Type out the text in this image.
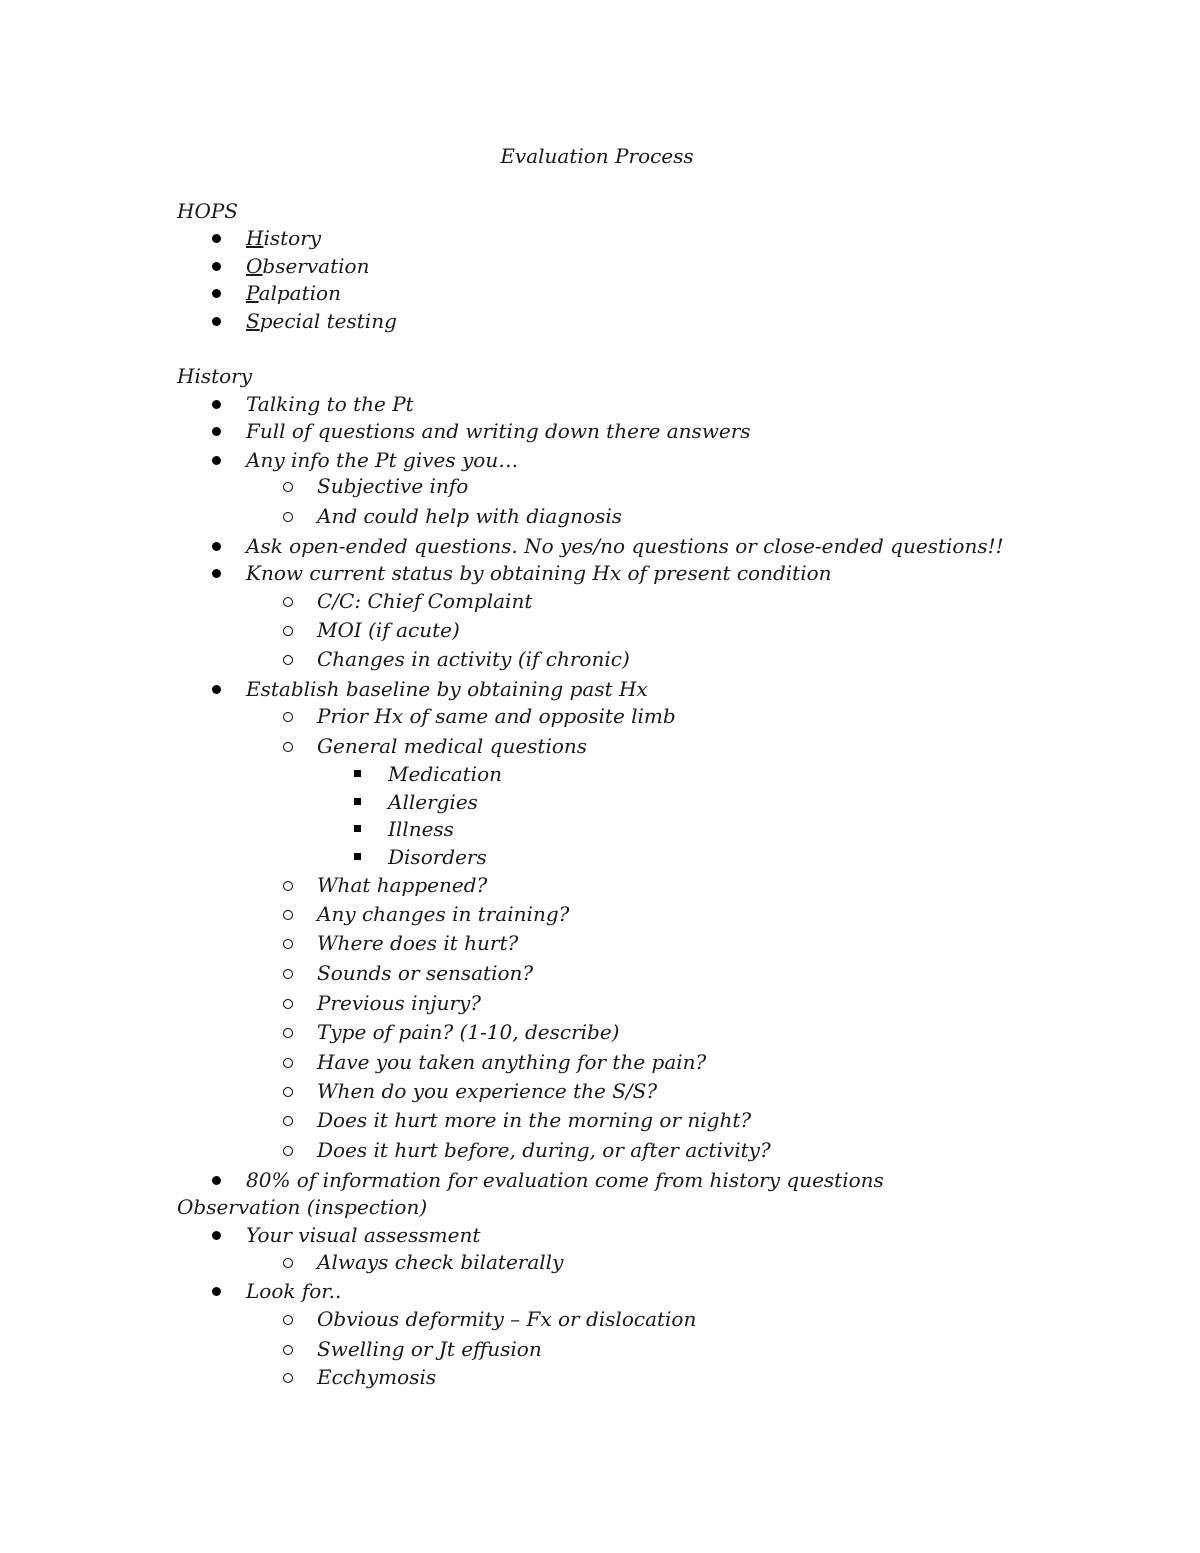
Evaluation Process
HOPS
History
Observation
Palpation
Special testing
History
Talking to the Pt
Full of questions and writing down there answers
Any info the Pt gives you…
Subjective info
And could help with diagnosis
Ask open-ended questions. No yes/no questions or close-ended questions!!
Know current status by obtaining Hx of present condition
C/C: Chief Complaint
MOI (if acute)
Changes in activity (if chronic)
Establish baseline by obtaining past Hx
Prior Hx of same and opposite limb
General medical questions
Medication
Allergies
Illness
Disorders
What happened?
Any changes in training?
Where does it hurt?
Sounds or sensation?
Previous injury?
Type of pain? (1-10, describe)
Have you taken anything for the pain?
When do you experience the S/S?
Does it hurt more in the morning or night?
Does it hurt before, during, or after activity?
80% of information for evaluation come from history questions
Observation (inspection)
Your visual assessment
Always check bilaterally
Look for..
Obvious deformity – Fx or dislocation
Swelling or Jt effusion
Ecchymosis
